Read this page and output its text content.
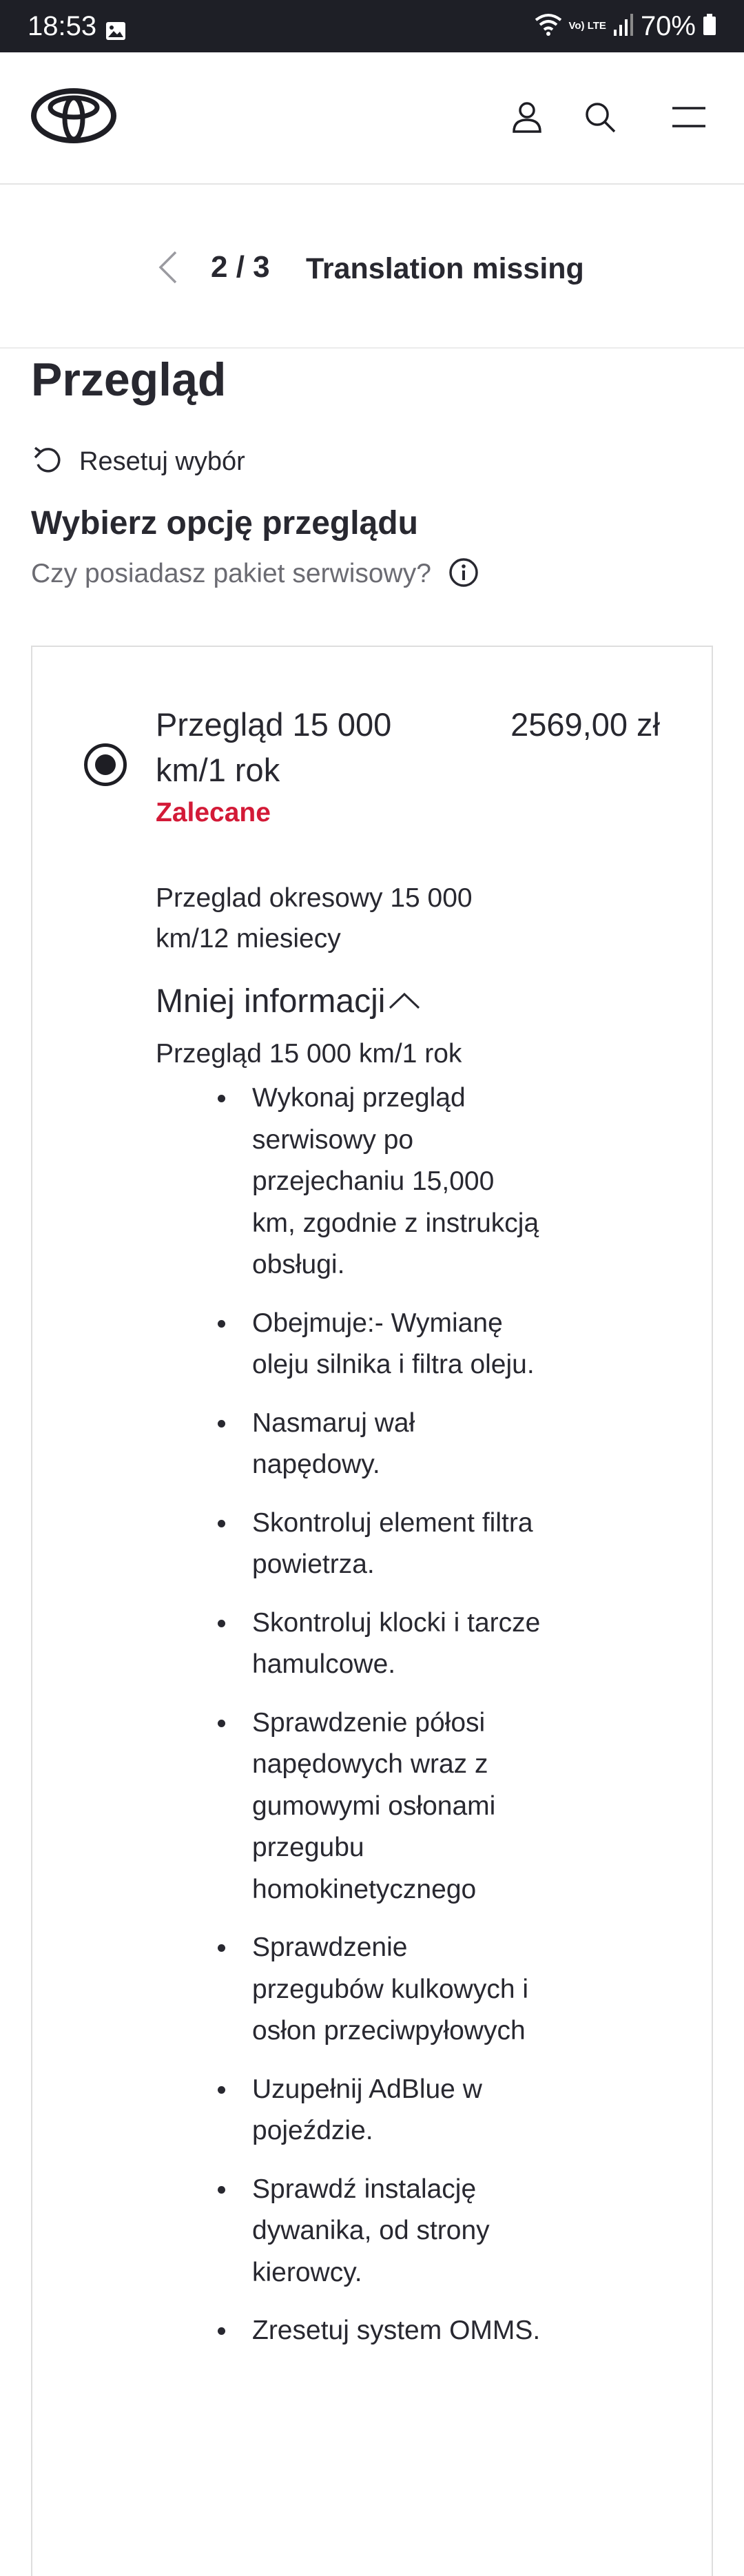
18:53	Vo) LTE 70%
2 / 3 Translation missing
Przegląd
Resetuj wybór
Wybierz opcję przeglądu
Czy posiadasz pakiet serwisowy?
Przegląd 15 000 km/1 rok
2569,00 zł
Zalecane
Przeglad okresowy 15 000 km/12 miesiecy
Mniej informacji
Przegląd 15 000 km/1 rok
Wykonaj przegląd serwisowy po przejechaniu 15,000 km, zgodnie z instrukcją obsługi.
Obejmuje:- Wymianę oleju silnika i filtra oleju.
Nasmaruj wał napędowy.
Skontroluj element filtra powietrza.
Skontroluj klocki i tarcze hamulcowe.
Sprawdzenie półosi napędowych wraz z gumowymi osłonami przegubu homokinetycznego
Sprawdzenie przegubów kulkowych i osłon przeciwpyłowych
Uzupełnij AdBlue w pojeździe.
Sprawdź instalację dywanika, od strony kierowcy.
Zresetuj system OMMS.
